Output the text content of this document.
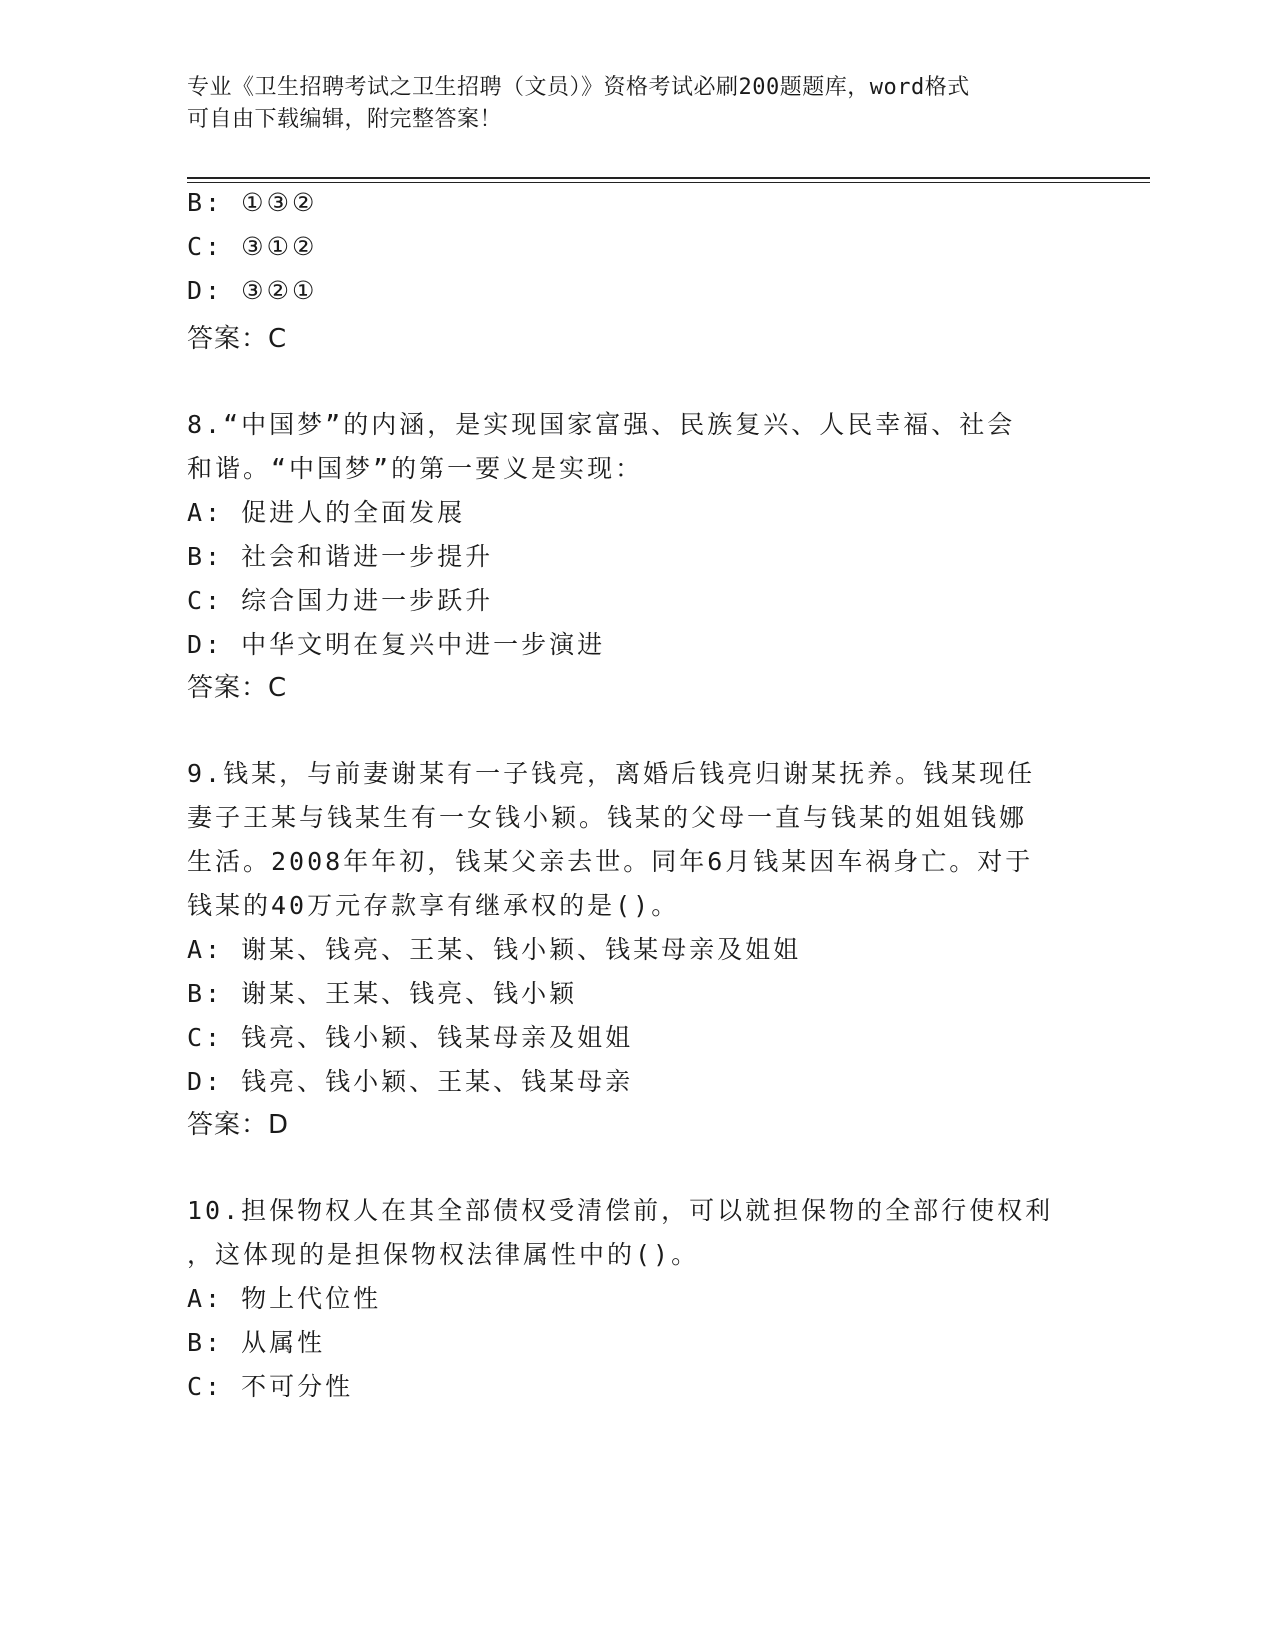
专业《卫生招聘考试之卫生招聘（文员）》资格考试必刷200题题库，word格式
可自由下载编辑，附完整答案！
B: ①③②
C: ③①②
D: ③②①
答案：C
8.“中国梦”的内涵，是实现国家富强、民族复兴、人民幸福、社会
和谐。“中国梦”的第一要义是实现：
A: 促进人的全面发展
B: 社会和谐进一步提升
C: 综合国力进一步跃升
D: 中华文明在复兴中进一步演进
答案：C
9.钱某，与前妻谢某有一子钱亮，离婚后钱亮归谢某抚养。钱某现任
妻子王某与钱某生有一女钱小颖。钱某的父母一直与钱某的姐姐钱娜
生活。2008年年初，钱某父亲去世。同年6月钱某因车祸身亡。对于
钱某的40万元存款享有继承权的是()。
A: 谢某、钱亮、王某、钱小颖、钱某母亲及姐姐
B: 谢某、王某、钱亮、钱小颖
C: 钱亮、钱小颖、钱某母亲及姐姐
D: 钱亮、钱小颖、王某、钱某母亲
答案：D
10.担保物权人在其全部债权受清偿前，可以就担保物的全部行使权利
，这体现的是担保物权法律属性中的()。
A: 物上代位性
B: 从属性
C: 不可分性
